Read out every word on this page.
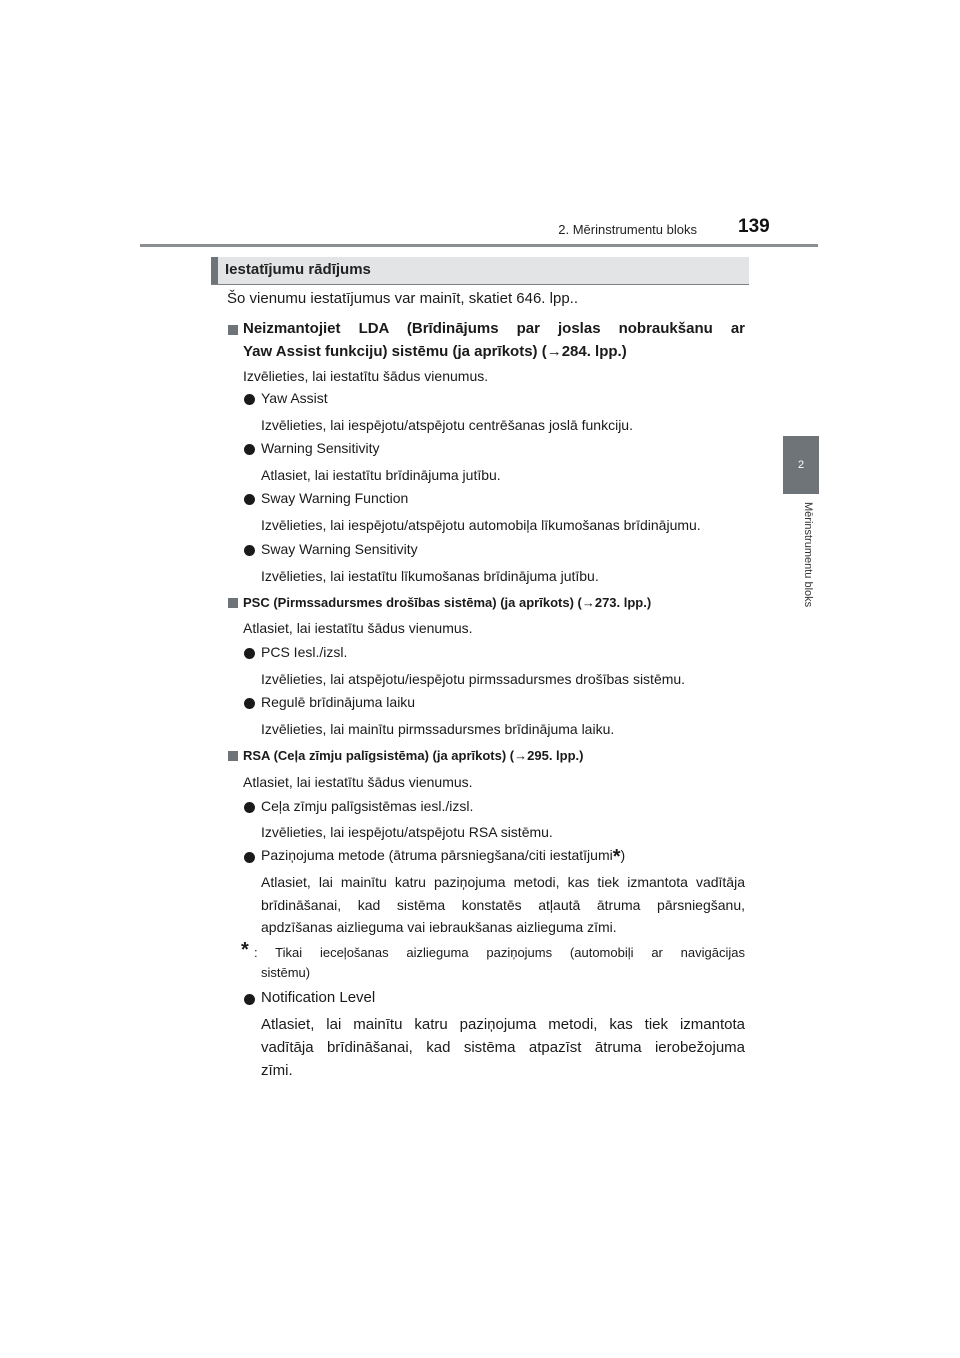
2. Mērinstrumentu bloks 139
2
Mērinstrumentu bloks
Iestatījumu rādījums
Šo vienumu iestatījumus var mainīt, skatiet 646. lpp..
Neizmantojiet LDA (Brīdinājums par joslas nobraukšanu ar
Yaw Assist funkciju) sistēmu (ja aprīkots) (→284. lpp.)
Izvēlieties, lai iestatītu šādus vienumus.
Yaw Assist
Izvēlieties, lai iespējotu/atspējotu centrēšanas joslā funkciju.
Warning Sensitivity
Atlasiet, lai iestatītu brīdinājuma jutību.
Sway Warning Function
Izvēlieties, lai iespējotu/atspējotu automobiļa līkumošanas brīdinājumu.
Sway Warning Sensitivity
Izvēlieties, lai iestatītu līkumošanas brīdinājuma jutību.
PSC (Pirmssadursmes drošības sistēma) (ja aprīkots) (→273. lpp.)
Atlasiet, lai iestatītu šādus vienumus.
PCS Iesl./izsl.
Izvēlieties, lai atspējotu/iespējotu pirmssadursmes drošības sistēmu.
Regulē brīdinājuma laiku
Izvēlieties, lai mainītu pirmssadursmes brīdinājuma laiku.
RSA (Ceļa zīmju palīgsistēma) (ja aprīkots) (→295. lpp.)
Atlasiet, lai iestatītu šādus vienumus.
Ceļa zīmju palīgsistēmas iesl./izsl.
Izvēlieties, lai iespējotu/atspējotu RSA sistēmu.
Paziņojuma metode (ātruma pārsniegšana/citi iestatījumi*)
Atlasiet, lai mainītu katru paziņojuma metodi, kas tiek izmantota vadītāja
brīdināšanai, kad sistēma konstatēs atļautā ātruma pārsniegšanu,
apdzīšanas aizlieguma vai iebraukšanas aizlieguma zīmi.
* : Tikai ieceļošanas aizlieguma paziņojums (automobiļi ar navigācijas
sistēmu)
Notification Level
Atlasiet, lai mainītu katru paziņojuma metodi, kas tiek izmantota
vadītāja brīdināšanai, kad sistēma atpazīst ātruma ierobežojuma
zīmi.
